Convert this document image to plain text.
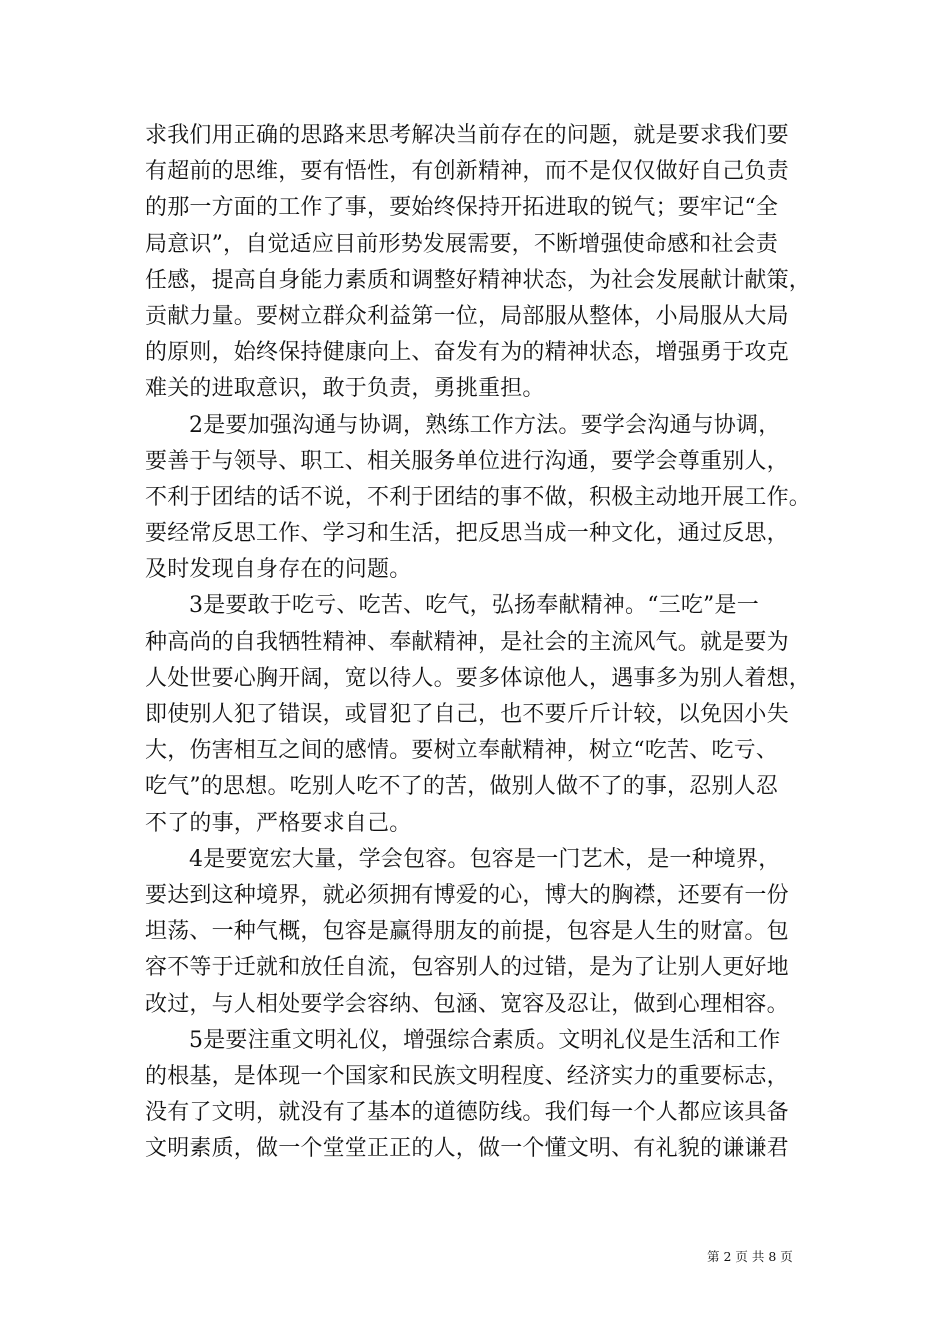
求我们用正确的思路来思考解决当前存在的问题，就是要求我们要
有超前的思维，要有悟性，有创新精神，而不是仅仅做好自己负责
的那一方面的工作了事，要始终保持开拓进取的锐气；要牢记“全
局意识”，自觉适应目前形势发展需要，不断增强使命感和社会责
任感，提高自身能力素质和调整好精神状态，为社会发展献计献策，
贡献力量。要树立群众利益第一位，局部服从整体，小局服从大局
的原则，始终保持健康向上、奋发有为的精神状态，增强勇于攻克
难关的进取意识，敢于负责，勇挑重担。
2是要加强沟通与协调，熟练工作方法。要学会沟通与协调，
要善于与领导、职工、相关服务单位进行沟通，要学会尊重别人，
不利于团结的话不说，不利于团结的事不做，积极主动地开展工作。
要经常反思工作、学习和生活，把反思当成一种文化，通过反思，
及时发现自身存在的问题。
3是要敢于吃亏、吃苦、吃气，弘扬奉献精神。“三吃”是一
种高尚的自我牺牲精神、奉献精神，是社会的主流风气。就是要为
人处世要心胸开阔，宽以待人。要多体谅他人，遇事多为别人着想，
即使别人犯了错误，或冒犯了自己，也不要斤斤计较，以免因小失
大，伤害相互之间的感情。要树立奉献精神，树立“吃苦、吃亏、
吃气”的思想。吃别人吃不了的苦，做别人做不了的事，忍别人忍
不了的事，严格要求自己。
4是要宽宏大量，学会包容。包容是一门艺术，是一种境界，
要达到这种境界，就必须拥有博爱的心，博大的胸襟，还要有一份
坦荡、一种气概，包容是赢得朋友的前提，包容是人生的财富。包
容不等于迁就和放任自流，包容别人的过错，是为了让别人更好地
改过，与人相处要学会容纳、包涵、宽容及忍让，做到心理相容。
5是要注重文明礼仪，增强综合素质。文明礼仪是生活和工作
的根基，是体现一个国家和民族文明程度、经济实力的重要标志，
没有了文明，就没有了基本的道德防线。我们每一个人都应该具备
文明素质，做一个堂堂正正的人，做一个懂文明、有礼貌的谦谦君
第 2 页 共 8 页
